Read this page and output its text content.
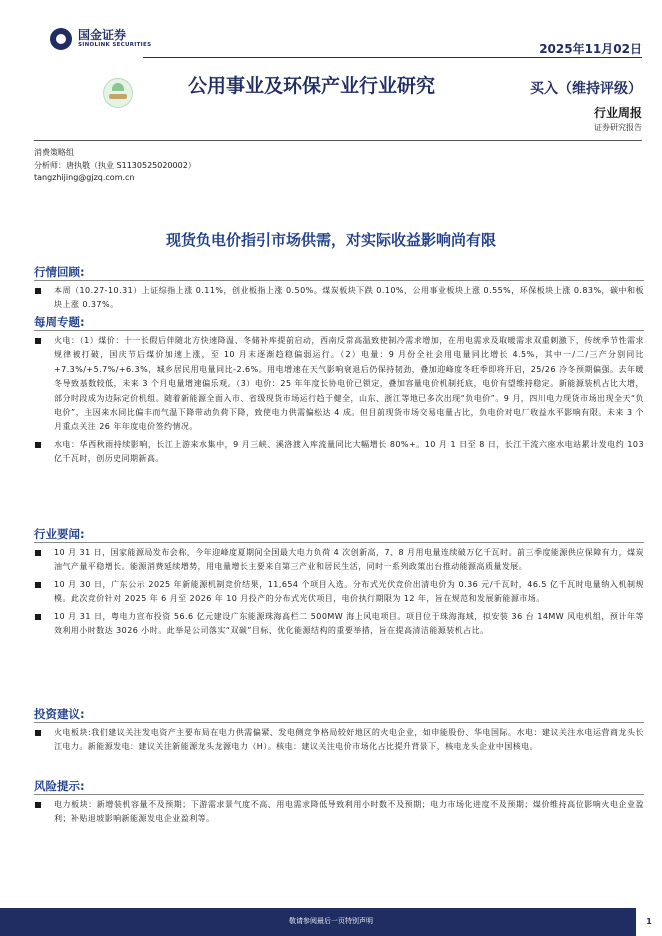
国金证券
SINOLINK SECURITIES	2025年11月02日
公用事业及环保产业行业研究	买入（维持评级）
行业周报
证券研究报告
消费策略组
分析师：唐执敬（执业 S1130525020002）
tangzhijing@gjzq.com.cn
现货负电价指引市场供需，对实际收益影响尚有限
行情回顾:
本周（10.27-10.31）上证综指上涨 0.11%，创业板指上涨 0.50%。煤炭板块下跌 0.10%，公用事业板块上涨 0.55%，环保板块上涨 0.83%，碳中和板块上涨 0.37%。
每周专题:
火电：（1）煤价：十一长假后伴随北方快速降温、冬储补库提前启动，西南反常高温致使制冷需求增加，在用电需求及取暖需求双重刺激下，传统季节性需求规律被打破，国庆节后煤价加速上涨，至 10 月末逐渐趋稳偏弱运行。（2）电量：9 月份全社会用电量同比增长 4.5%，其中一/二/三产分别同比+7.3%/+5.7%/+6.3%，城乡居民用电量同比-2.6%。用电增速在天气影响衰退后仍保持韧劲，叠加迎峰度冬旺季即将开启，25/26 冷冬预期偏强。去年暖冬导致基数较低，未来 3 个月电量增速偏乐观。（3）电价：25 年年度长协电价已锁定，叠加容量电价机制托底，电价有望维持稳定。新能源装机占比大增，部分时段成为边际定价机组。随着新能源全面入市、省级现货市场运行趋于健全，山东、浙江等地已多次出现“负电价”。9 月，四川电力现货市场出现全天“负电价”，主因来水同比偏丰而气温下降带动负荷下降，致使电力供需偏松达 4 成。但目前现货市场交易电量占比，负电价对电厂收益水平影响有限。未来 3 个月重点关注 26 年年度电价签约情况。
水电：华西秋雨持续影响，长江上游来水集中，9 月三峡、溪洛渡入库流量同比大幅增长 80%+。10 月 1 日至 8 日，长江干流六座水电站累计发电约 103 亿千瓦时，创历史同期新高。
行业要闻:
10 月 31 日，国家能源局发布会称，今年迎峰度夏期间全国最大电力负荷 4 次创新高，7、8 月用电量连续破万亿千瓦时。前三季度能源供应保障有力，煤炭油气产量平稳增长。能源消费延续增势，用电量增长主要来自第三产业和居民生活，同时一系列政策出台推动能源高质量发展。
10 月 30 日，广东公示 2025 年新能源机制竞价结果，11,654 个项目入选。分布式光伏竞价出清电价为 0.36 元/千瓦时，46.5 亿千瓦时电量纳入机制规模。此次竞价针对 2025 年 6 月至 2026 年 10 月投产的分布式光伏项目，电价执行期限为 12 年，旨在规范和发展新能源市场。
10 月 31 日，粤电力宣布投资 56.6 亿元建设广东能源珠海高栏二 500MW 海上风电项目。项目位于珠海海域，拟安装 36 台 14MW 风电机组，预计年等效利用小时数达 3026 小时。此举是公司落实“双碳”目标、优化能源结构的重要举措，旨在提高清洁能源装机占比。
投资建议:
火电板块:我们建议关注发电资产主要布局在电力供需偏紧、发电侧竞争格局较好地区的火电企业，如申能股份、华电国际。水电：建议关注水电运营商龙头长江电力。新能源发电：建议关注新能源龙头龙源电力（H）。核电：建议关注电价市场化占比提升背景下，核电龙头企业中国核电。
风险提示:
电力板块：新增装机容量不及预期；下游需求景气度不高、用电需求降低导致利用小时数不及预期；电力市场化进度不及预期；煤价维持高位影响火电企业盈利；补贴退坡影响新能源发电企业盈利等。
敬请参阅最后一页特别声明	1
